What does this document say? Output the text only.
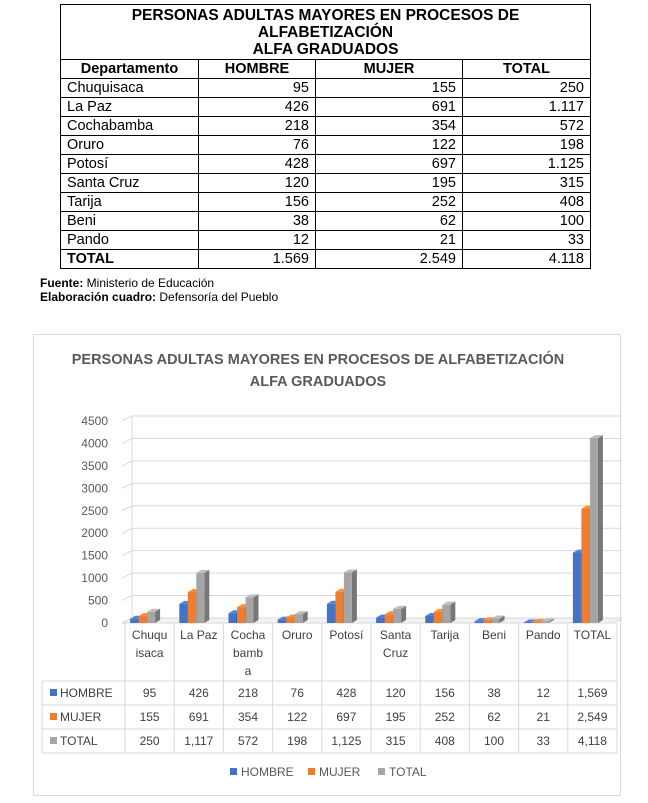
PERSONAS ADULTAS MAYORES EN PROCESOS DE
ALFABETIZACIÓN
ALFA GRADUADOS			

Departamento	HOMBRE	MUJER	TOTAL
Chuquisaca	95	155	250
La Paz	426	691	1.117
Cochabamba	218	354	572
Oruro	76	122	198
Potosí	428	697	1.125
Santa Cruz	120	195	315
Tarija	156	252	408
Beni	38	62	100
Pando	12	21	33
TOTAL	1.569	2.549	4.118
Fuente: Ministerio de Educación
Elaboración cuadro: Defensoría del Pueblo
PERSONAS ADULTAS MAYORES EN PROCESOS DE ALFABETIZACIÓN
ALFA GRADUADOS
0
500
1000
1500
2000
2500
3000
3500
4000
4500
Chuqu
isaca
La Paz Cocha
bamb
a
Oruro Potosí Santa
Cruz
Tarija Beni Pando TOTAL
HOMBRE	95	426 218	76	428 120 156	38	12 1,569
MUJER	155 691 354 122 697 195 252	62	21 2,549
TOTAL	250 1,117 572 198 1,125 315 408 100	33 4,118
HOMBRE MUJER TOTAL
